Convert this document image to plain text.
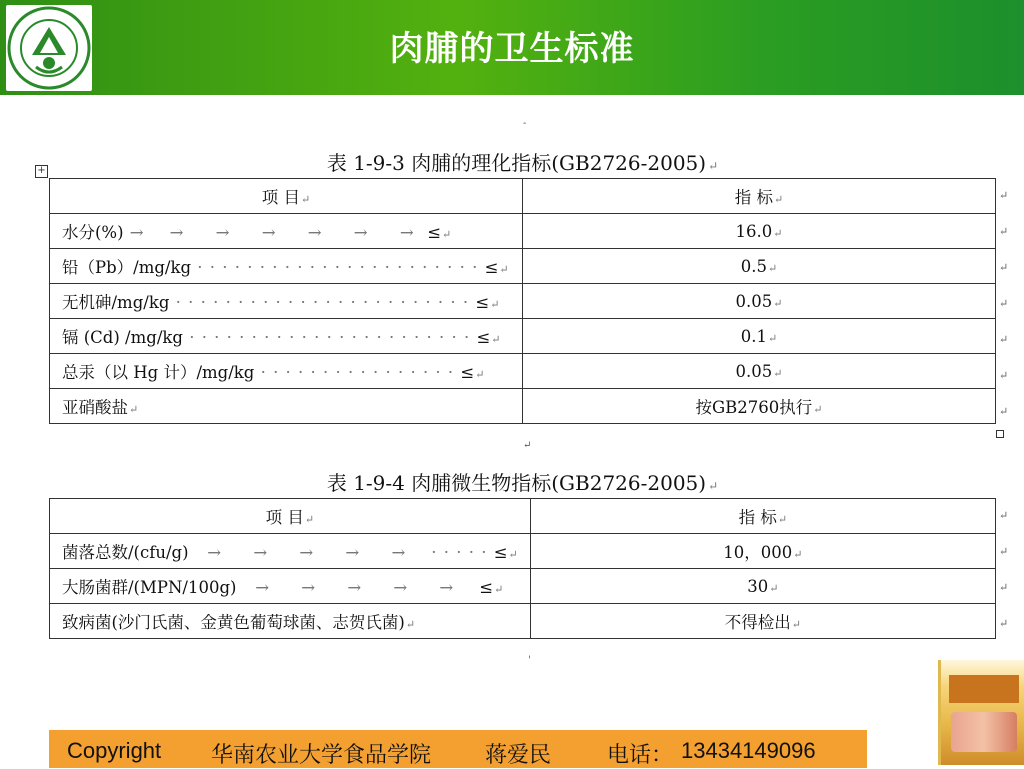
肉脯的卫生标准
-
表 1-9-3 肉脯的理化指标(GB2726-2005) ↵
+
项 目↵	指 标↵
水分(%) →    →     →     →     →     →     →  ≤↵	16.0↵
铅（Pb）/mg/kg · · · · · · · · · · · · · · · · · · · · · · · ≤↵	0.5↵
无机砷/mg/kg · · · · · · · · · · · · · · · · · · · · · · · · ≤↵	0.05↵
镉 (Cd) /mg/kg · · · · · · · · · · · · · · · · · · · · · · · ≤↵	0.1↵
总汞（以 Hg 计）/mg/kg · · · · · · · · · · · · · · · · ≤↵	0.05↵
亚硝酸盐↵	按GB2760执行↵
↵
↵
↵
↵
↵
↵
↵
↵
表 1-9-4 肉脯微生物指标(GB2726-2005) ↵
项 目↵	指 标↵
菌落总数/(cfu/g)   →     →     →     →     →    · · · · · ≤↵	10，000↵
大肠菌群/(MPN/100g)   →     →     →     →     →    ≤↵	30↵
致病菌(沙门氏菌、金黄色葡萄球菌、志贺氏菌)↵	不得检出↵
↵
↵
↵
↵
'
Copyright 华南农业大学食品学院 蒋爱民	电话： 13434149096
